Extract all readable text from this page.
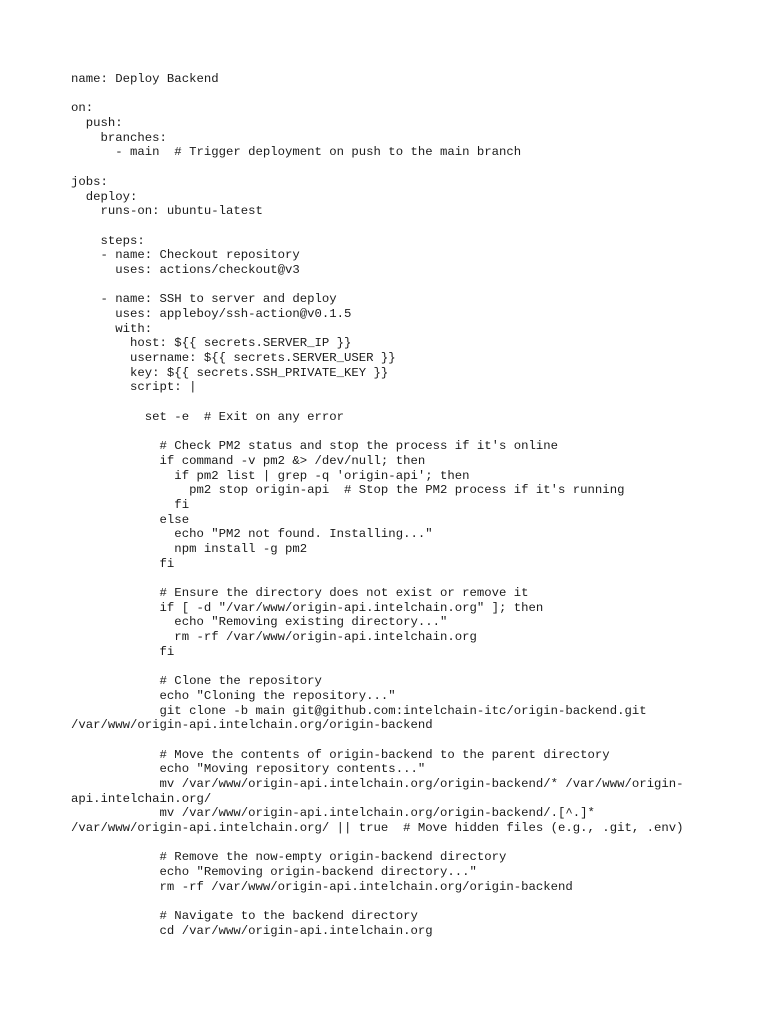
name: Deploy Backend
on:
push:
branches:
- main  # Trigger deployment on push to the main branch
jobs:
deploy:
runs-on: ubuntu-latest
steps:
- name: Checkout repository
uses: actions/checkout@v3
- name: SSH to server and deploy
uses: appleboy/ssh-action@v0.1.5
with:
host: ${{ secrets.SERVER_IP }}
username: ${{ secrets.SERVER_USER }}
key: ${{ secrets.SSH_PRIVATE_KEY }}
script: |
set -e  # Exit on any error
# Check PM2 status and stop the process if it's online
if command -v pm2 &> /dev/null; then
if pm2 list | grep -q 'origin-api'; then
pm2 stop origin-api  # Stop the PM2 process if it's running
fi
else
echo "PM2 not found. Installing..."
npm install -g pm2
fi
# Ensure the directory does not exist or remove it
if [ -d "/var/www/origin-api.intelchain.org" ]; then
echo "Removing existing directory..."
rm -rf /var/www/origin-api.intelchain.org
fi
# Clone the repository
echo "Cloning the repository..."
git clone -b main git@github.com:intelchain-itc/origin-backend.git
/var/www/origin-api.intelchain.org/origin-backend
# Move the contents of origin-backend to the parent directory
echo "Moving repository contents..."
mv /var/www/origin-api.intelchain.org/origin-backend/* /var/www/origin-
api.intelchain.org/
mv /var/www/origin-api.intelchain.org/origin-backend/.[^.]*
/var/www/origin-api.intelchain.org/ || true  # Move hidden files (e.g., .git, .env)
# Remove the now-empty origin-backend directory
echo "Removing origin-backend directory..."
rm -rf /var/www/origin-api.intelchain.org/origin-backend
# Navigate to the backend directory
cd /var/www/origin-api.intelchain.org
